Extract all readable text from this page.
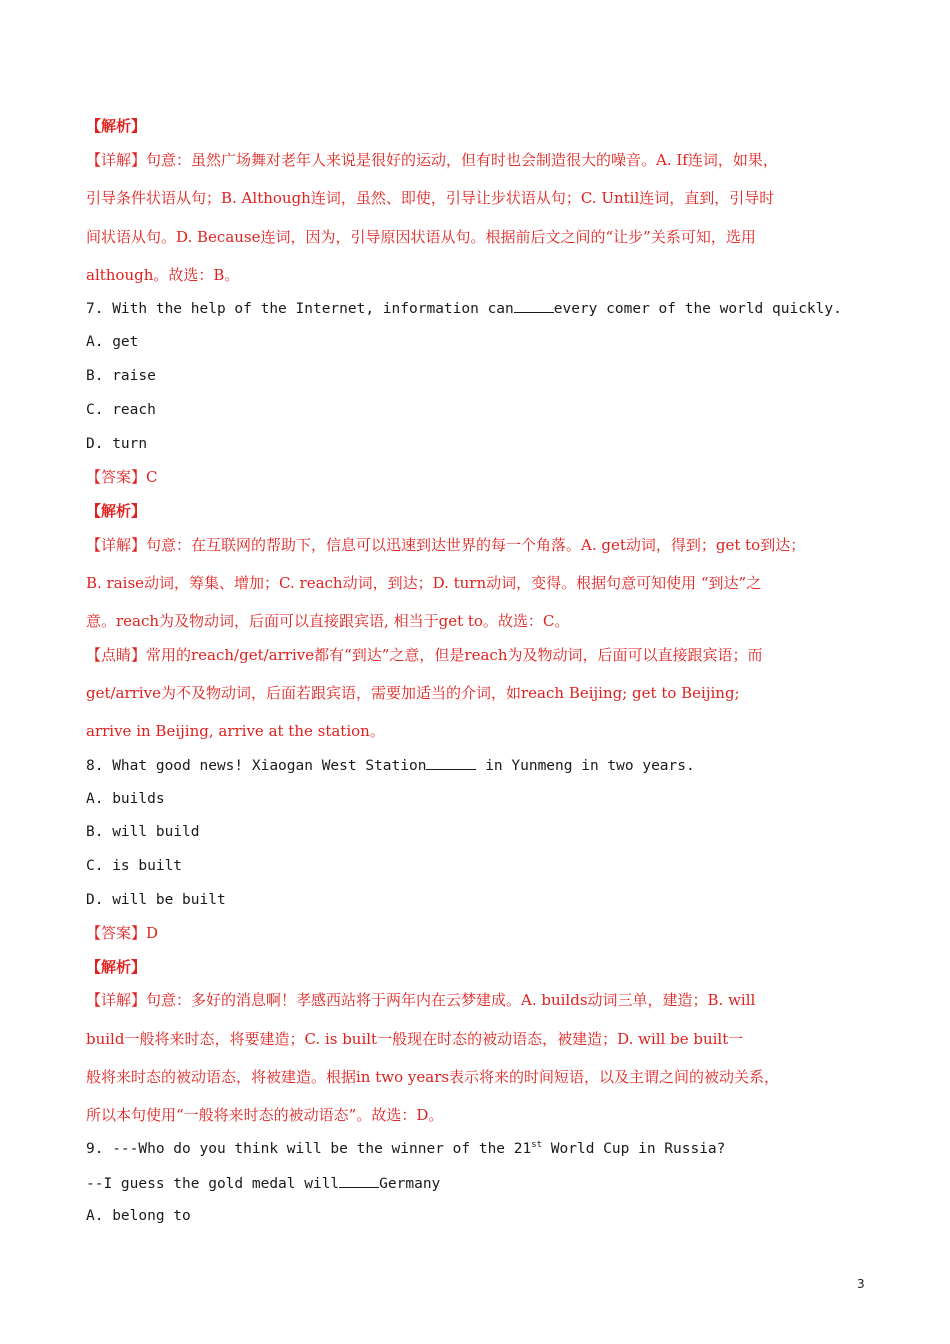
【解析】
【详解】句意：虽然广场舞对老年人来说是很好的运动，但有时也会制造很大的噪音。A. If连词，如果，
引导条件状语从句；B. Although连词，虽然、即使，引导让步状语从句；C. Until连词，直到，引导时
间状语从句。D. Because连词，因为，引导原因状语从句。根据前后文之间的“让步”关系可知，选用
although。故选：B。
7. With the help of the Internet, information can	every comer of the world quickly.
A. get
B. raise
C. reach
D. turn
【答案】C
【解析】
【详解】句意：在互联网的帮助下，信息可以迅速到达世界的每一个角落。A. get动词，得到；get to到达；
B. raise动词，筹集、增加；C. reach动词，到达；D. turn动词，变得。根据句意可知使用 “到达”之
意。reach为及物动词，后面可以直接跟宾语, 相当于get to。故选：C。
【点睛】常用的reach/get/arrive都有“到达”之意，但是reach为及物动词，后面可以直接跟宾语；而
get/arrive为不及物动词，后面若跟宾语，需要加适当的介词，如reach Beijing; get to Beijing;
arrive in Beijing, arrive at the station。
8. What good news! Xiaogan West Station	in Yunmeng in two years.
A. builds
B. will build
C. is built
D. will be built
【答案】D
【解析】
【详解】句意：多好的消息啊！孝感西站将于两年内在云梦建成。A. builds动词三单，建造；B. will
build一般将来时态，将要建造；C. is built一般现在时态的被动语态，被建造；D. will be built一
般将来时态的被动语态，将被建造。根据in two years表示将来的时间短语，以及主谓之间的被动关系，
所以本句使用“一般将来时态的被动语态”。故选：D。
9. ---Who do you think will be the winner of the 21st World Cup in Russia?
--I guess the gold medal will	Germany
A. belong to
3
